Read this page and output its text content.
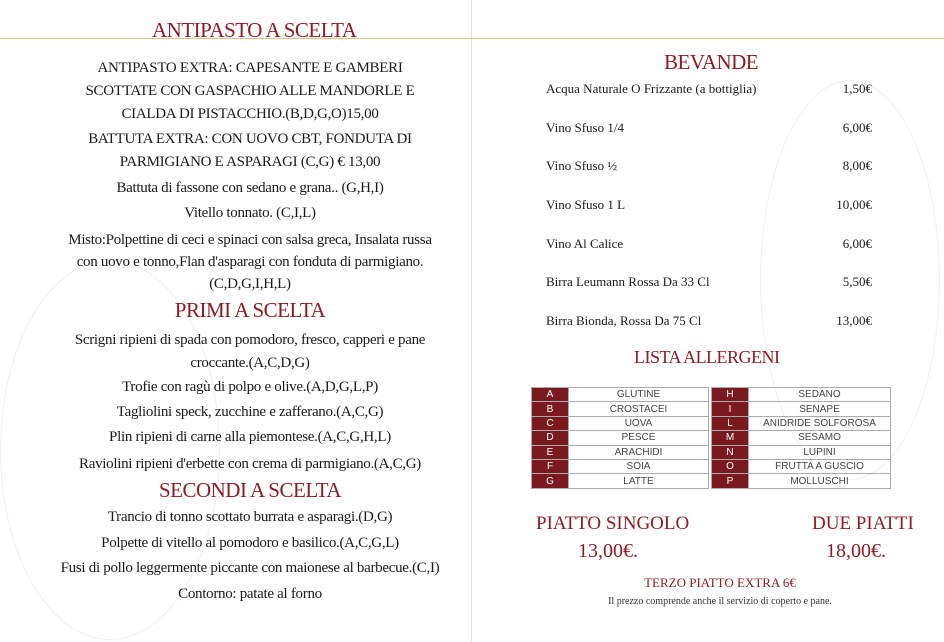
ANTIPASTO A SCELTA
ANTIPASTO EXTRA: CAPESANTE E GAMBERI
SCOTTATE CON GASPACHIO ALLE MANDORLE E
CIALDA DI PISTACCHIO.(B,D,G,O)15,00
BATTUTA EXTRA: CON UOVO CBT, FONDUTA DI
PARMIGIANO E ASPARAGI (C,G) € 13,00
Battuta di fassone con sedano e grana.. (G,H,I)
Vitello tonnato. (C,I,L)
Misto:Polpettine di ceci e spinaci con salsa greca, Insalata russa
con uovo e tonno,Flan d'asparagi con fonduta di parmigiano.
(C,D,G,I,H,L)
PRIMI A SCELTA
Scrigni ripieni di spada con pomodoro, fresco, capperi e pane
croccante.(A,C,D,G)
Trofie con ragù di polpo e olive.(A,D,G,L,P)
Tagliolini speck, zucchine e zafferano.(A,C,G)
Plin ripieni di carne alla piemontese.(A,C,G,H,L)
Raviolini ripieni d'erbette con crema di parmigiano.(A,C,G)
SECONDI A SCELTA
Trancio di tonno scottato burrata e asparagi.(D,G)
Polpette di vitello al pomodoro e basilico.(A,C,G,L)
Fusi di pollo leggermente piccante con maionese al barbecue.(C,I)
Contorno: patate al forno
BEVANDE
Acqua Naturale O Frizzante (a bottiglia)	1,50€
Vino Sfuso 1/4	6,00€
Vino Sfuso ½	8,00€
Vino Sfuso 1 L	10,00€
Vino Al Calice	6,00€
Birra Leumann Rossa Da 33 Cl	5,50€
Birra Bionda, Rossa Da 75 Cl	13,00€
LISTA ALLERGENI
A	GLUTINE
B	CROSTACEI
C	UOVA
D	PESCE
E	ARACHIDI
F	SOIA
G	LATTE
H	SEDANO
I	SENAPE
L	ANIDRIDE SOLFOROSA
M	SESAMO
N	LUPINI
O	FRUTTA A GUSCIO
P	MOLLUSCHI
PIATTO SINGOLO
13,00€.
DUE PIATTI
18,00€.
TERZO PIATTO EXTRA 6€
Il prezzo comprende anche il servizio di coperto e pane.
